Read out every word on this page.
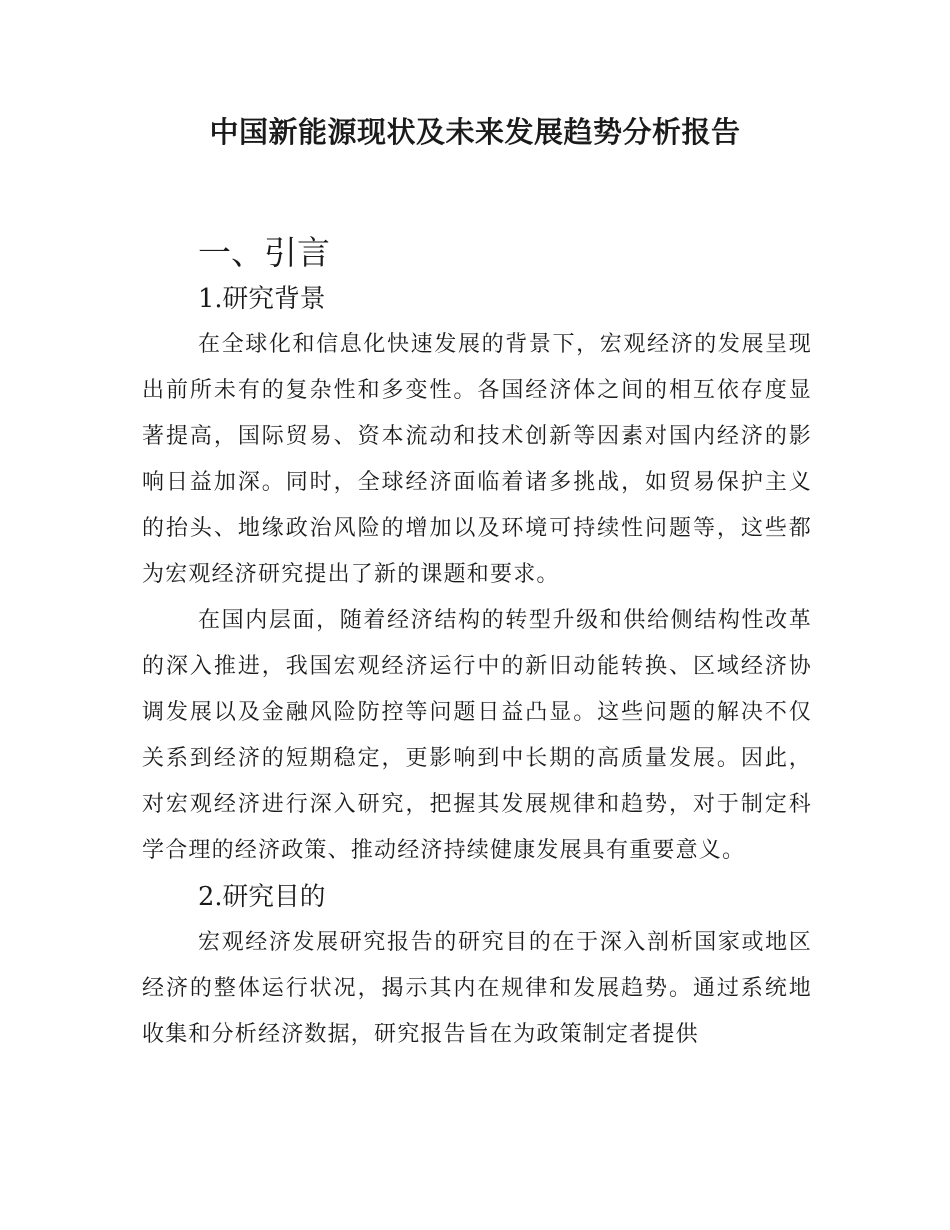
中国新能源现状及未来发展趋势分析报告
一、引言
1.研究背景

在全球化和信息化快速发展的背景下，宏观经济的发展呈现出前所未有的复杂性和多变性。各国经济体之间的相互依存度显著提高，国际贸易、资本流动和技术创新等因素对国内经济的影响日益加深。同时，全球经济面临着诸多挑战，如贸易保护主义的抬头、地缘政治风险的增加以及环境可持续性问题等，这些都为宏观经济研究提出了新的课题和要求。

在国内层面，随着经济结构的转型升级和供给侧结构性改革的深入推进，我国宏观经济运行中的新旧动能转换、区域经济协调发展以及金融风险防控等问题日益凸显。这些问题的解决不仅关系到经济的短期稳定，更影响到中长期的高质量发展。因此，对宏观经济进行深入研究，把握其发展规律和趋势，对于制定科学合理的经济政策、推动经济持续健康发展具有重要意义。

2.研究目的

宏观经济发展研究报告的研究目的在于深入剖析国家或地区经济的整体运行状况，揭示其内在规律和发展趋势。通过系统地收集和分析经济数据，研究报告旨在为政策制定者提供
